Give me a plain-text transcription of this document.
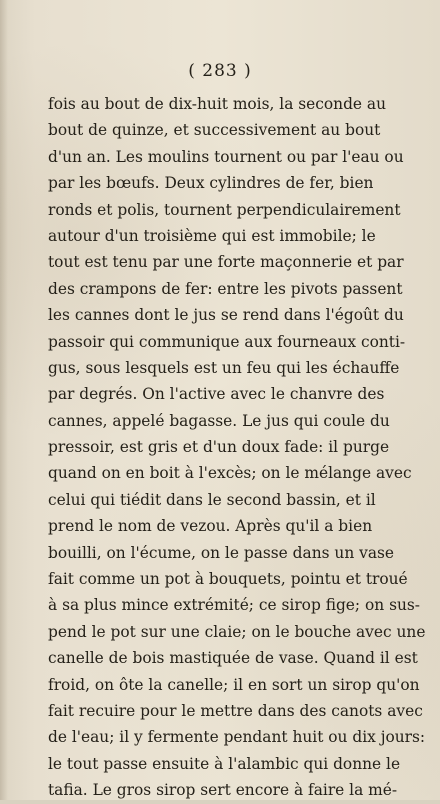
( 283 )
fois au bout de dix-huit mois, la seconde au
bout de quinze, et successivement au bout
d'un an. Les moulins tournent ou par l'eau ou
par les bœufs. Deux cylindres de fer, bien
ronds et polis, tournent perpendiculairement
autour d'un troisième qui est immobile; le
tout est tenu par une forte maçonnerie et par
des crampons de fer: entre les pivots passent
les cannes dont le jus se rend dans l'égoût du
passoir qui communique aux fourneaux conti-
gus, sous lesquels est un feu qui les échauffe
par degrés. On l'active avec le chanvre des
cannes, appelé bagasse. Le jus qui coule du
pressoir, est gris et d'un doux fade: il purge
quand on en boit à l'excès; on le mélange avec
celui qui tiédit dans le second bassin, et il
prend le nom de vezou. Après qu'il a bien
bouilli, on l'écume, on le passe dans un vase
fait comme un pot à bouquets, pointu et troué
à sa plus mince extrémité; ce sirop fige; on sus-
pend le pot sur une claie; on le bouche avec une
canelle de bois mastiquée de vase. Quand il est
froid, on ôte la canelle; il en sort un sirop qu'on
fait recuire pour le mettre dans des canots avec
de l'eau; il y fermente pendant huit ou dix jours:
le tout passe ensuite à l'alambic qui donne le
tafia. Le gros sirop sert encore à faire la mé-
